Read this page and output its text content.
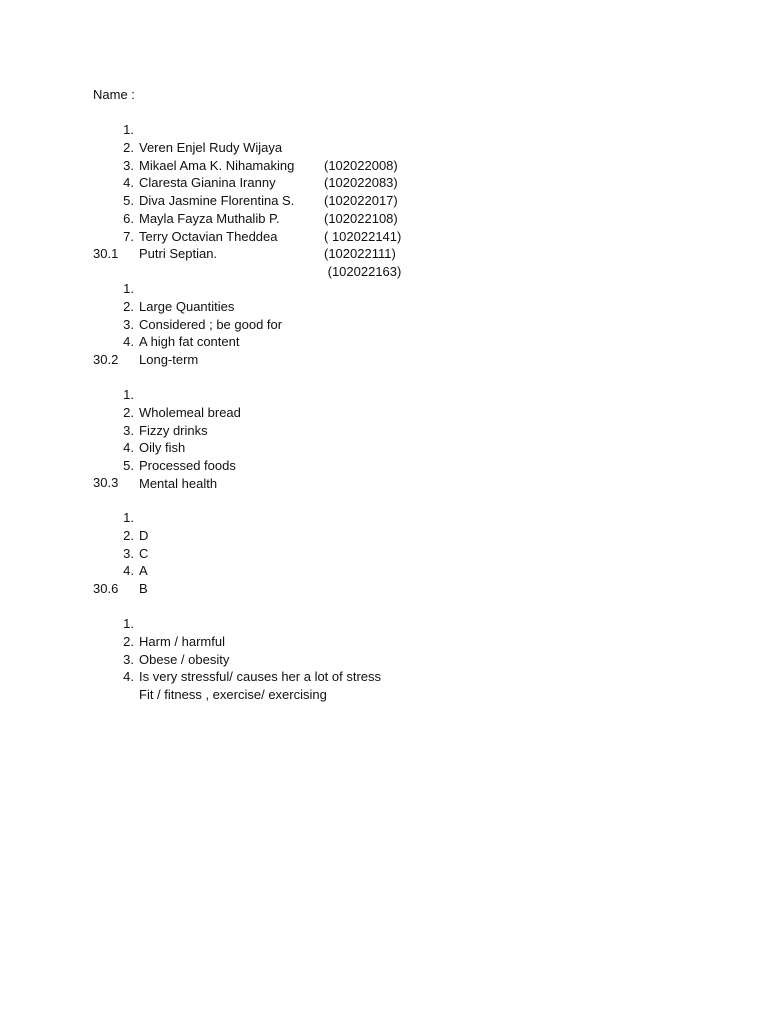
Name :

1.

Veren Enjel Rudy Wijaya

(102022008)

2.

Mikael Ama K. Nihamaking

(102022083)

3.

Claresta Gianina Iranny

(102022017)

4.

Diva Jasmine Florentina S.

(102022108)

5.

Mayla Fayza Muthalib P.

( 102022141)

6.

Terry Octavian Theddea

(102022111)

7.

Putri Septian.

(102022163)

30.1

1.

Large Quantities

2.

Considered ; be good for

3.

A high fat content

4.

Long-term

30.2

1.

Wholemeal bread

2.

Fizzy drinks

3.

Oily fish

4.

Processed foods

5.

Mental health

30.3

1.

D

2.

C

3.

A

4.

B

30.6

1.

Harm / harmful

2.

Obese / obesity

3.

Is very stressful/ causes her a lot of stress

4.

Fit / fitness , exercise/ exercising
